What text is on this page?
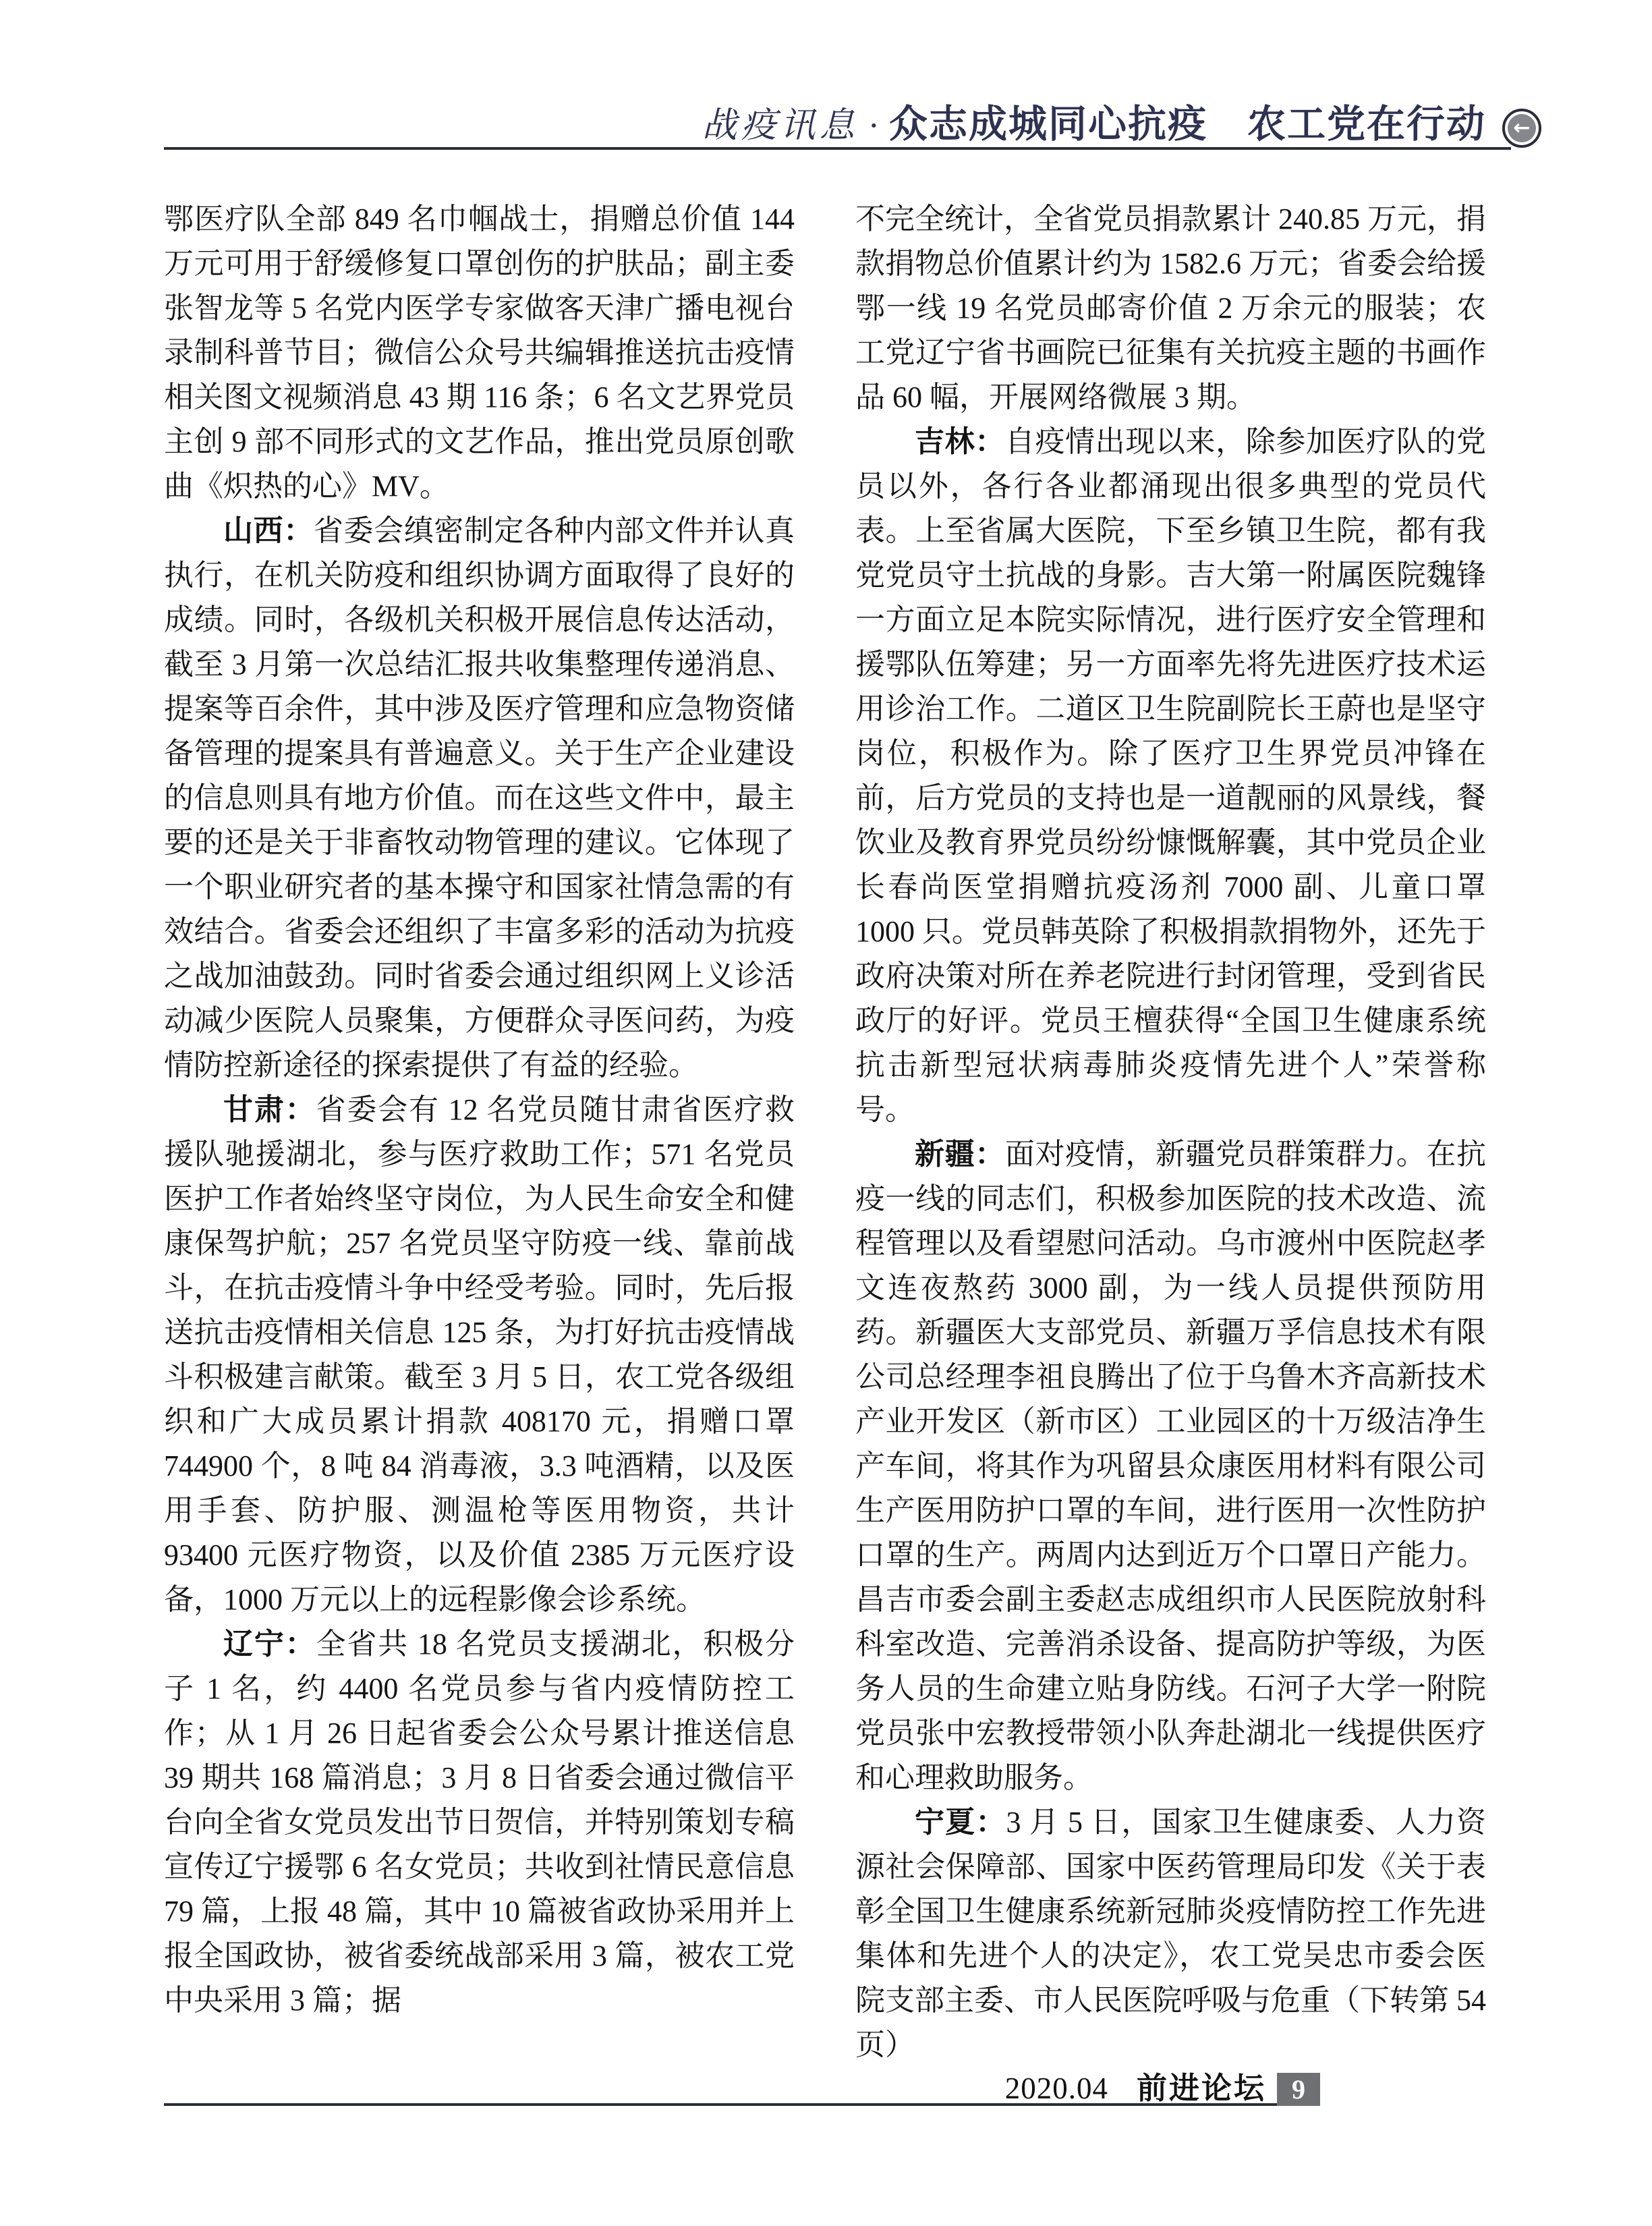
战疫讯息 · 众志成城同心抗疫　农工党在行动 ←

鄂医疗队全部 849 名巾帼战士，捐赠总价值 144 万元可用于舒缓修复口罩创伤的护肤品；副主委张智龙等 5 名党内医学专家做客天津广播电视台录制科普节目；微信公众号共编辑推送抗击疫情相关图文视频消息 43 期 116 条；6 名文艺界党员主创 9 部不同形式的文艺作品，推出党员原创歌曲《炽热的心》MV。

山西：省委会缜密制定各种内部文件并认真执行，在机关防疫和组织协调方面取得了良好的成绩。同时，各级机关积极开展信息传达活动，截至 3 月第一次总结汇报共收集整理传递消息、提案等百余件，其中涉及医疗管理和应急物资储备管理的提案具有普遍意义。关于生产企业建设的信息则具有地方价值。而在这些文件中，最主要的还是关于非畜牧动物管理的建议。它体现了一个职业研究者的基本操守和国家社情急需的有效结合。省委会还组织了丰富多彩的活动为抗疫之战加油鼓劲。同时省委会通过组织网上义诊活动减少医院人员聚集，方便群众寻医问药，为疫情防控新途径的探索提供了有益的经验。

甘肃：省委会有 12 名党员随甘肃省医疗救援队驰援湖北，参与医疗救助工作；571 名党员医护工作者始终坚守岗位，为人民生命安全和健康保驾护航；257 名党员坚守防疫一线、靠前战斗，在抗击疫情斗争中经受考验。同时，先后报送抗击疫情相关信息 125 条，为打好抗击疫情战斗积极建言献策。截至 3 月 5 日，农工党各级组织和广大成员累计捐款 408170 元，捐赠口罩 744900 个，8 吨 84 消毒液，3.3 吨酒精，以及医用手套、防护服、测温枪等医用物资，共计 93400 元医疗物资，以及价值 2385 万元医疗设备，1000 万元以上的远程影像会诊系统。

辽宁：全省共 18 名党员支援湖北，积极分子 1 名，约 4400 名党员参与省内疫情防控工作；从 1 月 26 日起省委会公众号累计推送信息 39 期共 168 篇消息；3 月 8 日省委会通过微信平台向全省女党员发出节日贺信，并特别策划专稿宣传辽宁援鄂 6 名女党员；共收到社情民意信息 79 篇，上报 48 篇，其中 10 篇被省政协采用并上报全国政协，被省委统战部采用 3 篇，被农工党中央采用 3 篇；据

不完全统计，全省党员捐款累计 240.85 万元，捐款捐物总价值累计约为 1582.6 万元；省委会给援鄂一线 19 名党员邮寄价值 2 万余元的服装；农工党辽宁省书画院已征集有关抗疫主题的书画作品 60 幅，开展网络微展 3 期。

吉林：自疫情出现以来，除参加医疗队的党员以外，各行各业都涌现出很多典型的党员代表。上至省属大医院，下至乡镇卫生院，都有我党党员守土抗战的身影。吉大第一附属医院魏锋一方面立足本院实际情况，进行医疗安全管理和援鄂队伍筹建；另一方面率先将先进医疗技术运用诊治工作。二道区卫生院副院长王蔚也是坚守岗位，积极作为。除了医疗卫生界党员冲锋在前，后方党员的支持也是一道靓丽的风景线，餐饮业及教育界党员纷纷慷慨解囊，其中党员企业长春尚医堂捐赠抗疫汤剂 7000 副、儿童口罩 1000 只。党员韩英除了积极捐款捐物外，还先于政府决策对所在养老院进行封闭管理，受到省民政厅的好评。党员王檀获得“全国卫生健康系统抗击新型冠状病毒肺炎疫情先进个人”荣誉称号。

新疆：面对疫情，新疆党员群策群力。在抗疫一线的同志们，积极参加医院的技术改造、流程管理以及看望慰问活动。乌市渡州中医院赵孝文连夜熬药 3000 副，为一线人员提供预防用药。新疆医大支部党员、新疆万孚信息技术有限公司总经理李祖良腾出了位于乌鲁木齐高新技术产业开发区（新市区）工业园区的十万级洁净生产车间，将其作为巩留县众康医用材料有限公司生产医用防护口罩的车间，进行医用一次性防护口罩的生产。两周内达到近万个口罩日产能力。昌吉市委会副主委赵志成组织市人民医院放射科科室改造、完善消杀设备、提高防护等级，为医务人员的生命建立贴身防线。石河子大学一附院党员张中宏教授带领小队奔赴湖北一线提供医疗和心理救助服务。

宁夏：3 月 5 日，国家卫生健康委、人力资源社会保障部、国家中医药管理局印发《关于表彰全国卫生健康系统新冠肺炎疫情防控工作先进集体和先进个人的决定》，农工党吴忠市委会医院支部主委、市人民医院呼吸与危重（下转第 54 页）

2020.04 前进论坛 9
